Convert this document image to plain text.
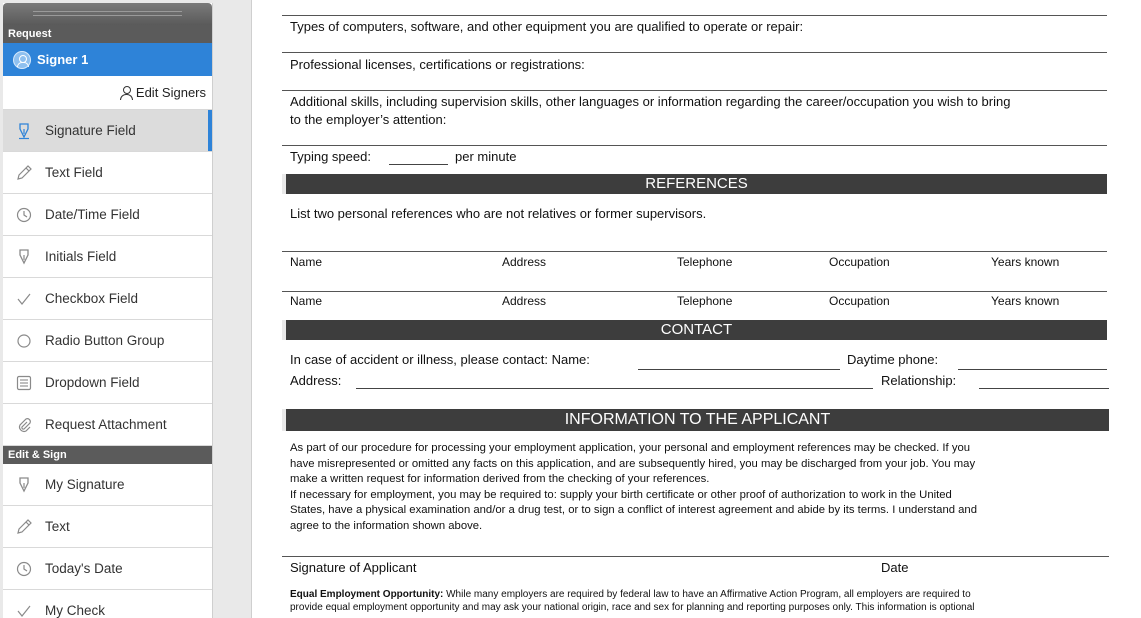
Request
Signer 1
Edit Signers
Signature Field
Text Field
Date/Time Field
Initials Field
Checkbox Field
Radio Button Group
Dropdown Field
Request Attachment
Edit & Sign
My Signature
Text
Today's Date
My Check
Types of computers, software, and other equipment you are qualified to operate or repair:
Professional licenses, certifications or registrations:
Additional skills, including supervision skills, other languages or information regarding the career/occupation you wish to bring
to the employer’s attention:
Typing speed:	per minute
REFERENCES
List two personal references who are not relatives or former supervisors.
Name	Address	Telephone	Occupation	Years known
Name	Address	Telephone	Occupation	Years known
CONTACT
In case of accident or illness, please contact: Name:	Daytime phone:
Address:	Relationship:
INFORMATION TO THE APPLICANT
As part of our procedure for processing your employment application, your personal and employment references may be checked. If you
have misrepresented or omitted any facts on this application, and are subsequently hired, you may be discharged from your job. You may
make a written request for information derived from the checking of your references.
If necessary for employment, you may be required to: supply your birth certificate or other proof of authorization to work in the United
States, have a physical examination and/or a drug test, or to sign a conflict of interest agreement and abide by its terms. I understand and
agree to the information shown above.
Signature of Applicant	Date
Equal Employment Opportunity: While many employers are required by federal law to have an Affirmative Action Program, all employers are required to
provide equal employment opportunity and may ask your national origin, race and sex for planning and reporting purposes only. This information is optional
